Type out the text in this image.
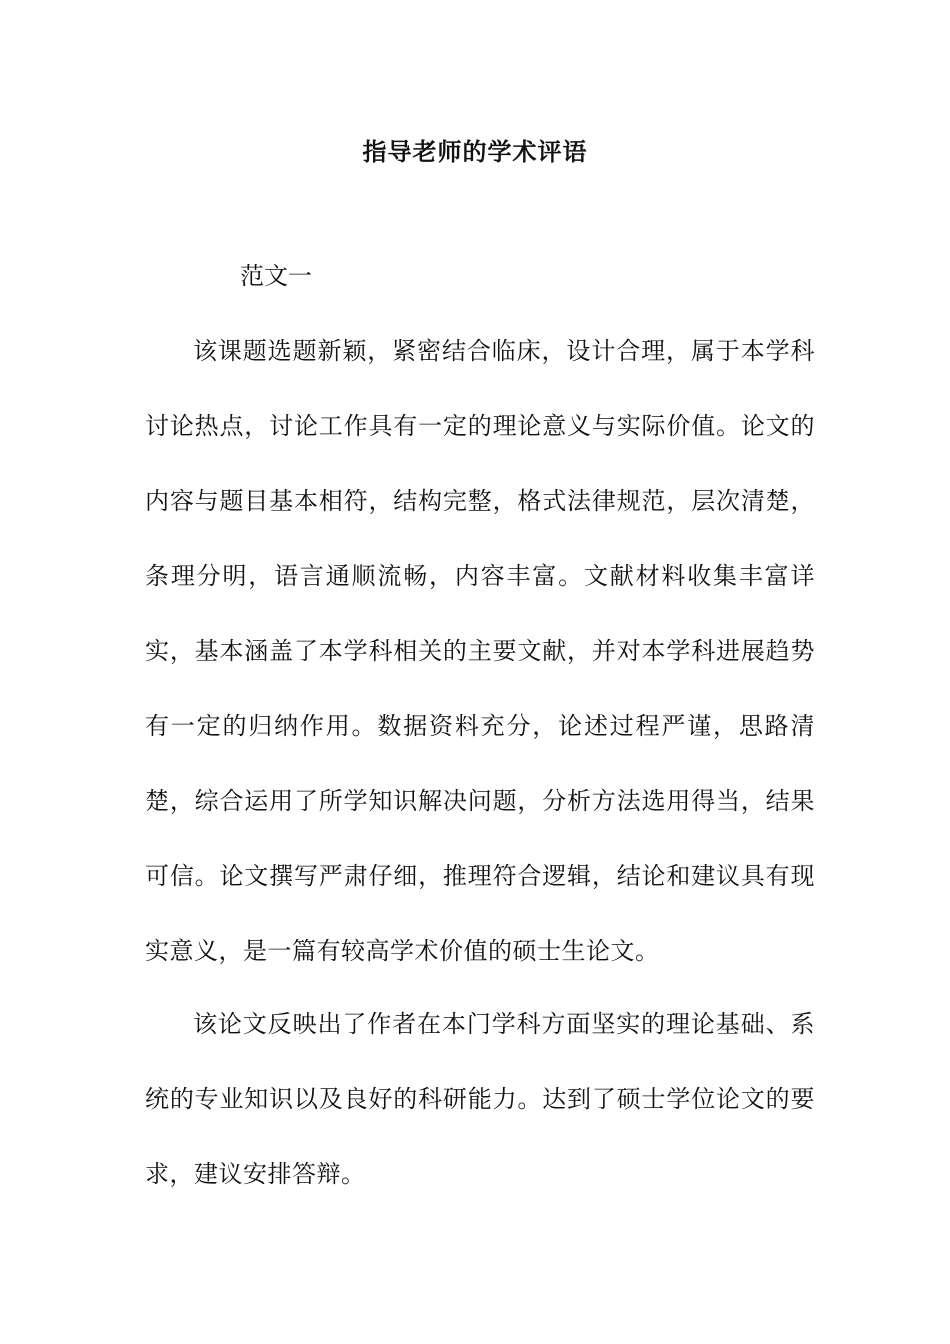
指导老师的学术评语
范文一

该课题选题新颖，紧密结合临床，设计合理，属于本学科讨论热点，讨论工作具有一定的理论意义与实际价值。论文的内容与题目基本相符，结构完整，格式法律规范，层次清楚，条理分明，语言通顺流畅，内容丰富。文献材料收集丰富详实，基本涵盖了本学科相关的主要文献，并对本学科进展趋势有一定的归纳作用。数据资料充分，论述过程严谨，思路清楚，综合运用了所学知识解决问题，分析方法选用得当，结果可信。论文撰写严肃仔细，推理符合逻辑，结论和建议具有现实意义，是一篇有较高学术价值的硕士生论文。

该论文反映出了作者在本门学科方面坚实的理论基础、系统的专业知识以及良好的科研能力。达到了硕士学位论文的要求，建议安排答辩。
